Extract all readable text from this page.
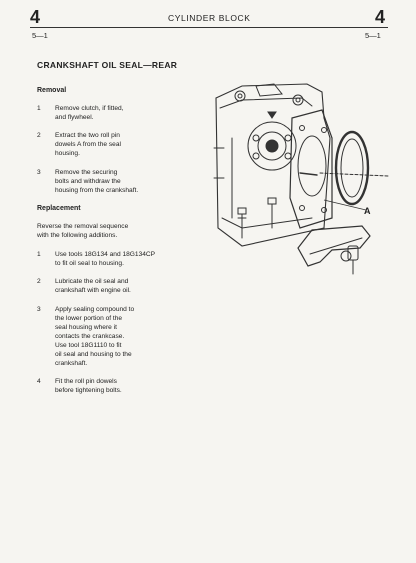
4	CYLINDER BLOCK	4
5—1	5—1
CRANKSHAFT OIL SEAL—REAR
Removal
1	Remove clutch, if fitted,
and flywheel.
2	Extract the two roll pin
dowels A from the seal
housing.
3	Remove the securing
bolts and withdraw the
housing from the crankshaft.
Replacement
Reverse the removal sequence
with the following additions.
1	Use tools 18G134 and 18G134CP
to fit oil seal to housing.
2	Lubricate the oil seal and
crankshaft with engine oil.
3	Apply sealing compound to
the lower portion of the
seal housing where it
contacts the crankcase.
Use tool 18G1110 to fit
oil seal and housing to the
crankshaft.
4	Fit the roll pin dowels
before tightening bolts.
A
